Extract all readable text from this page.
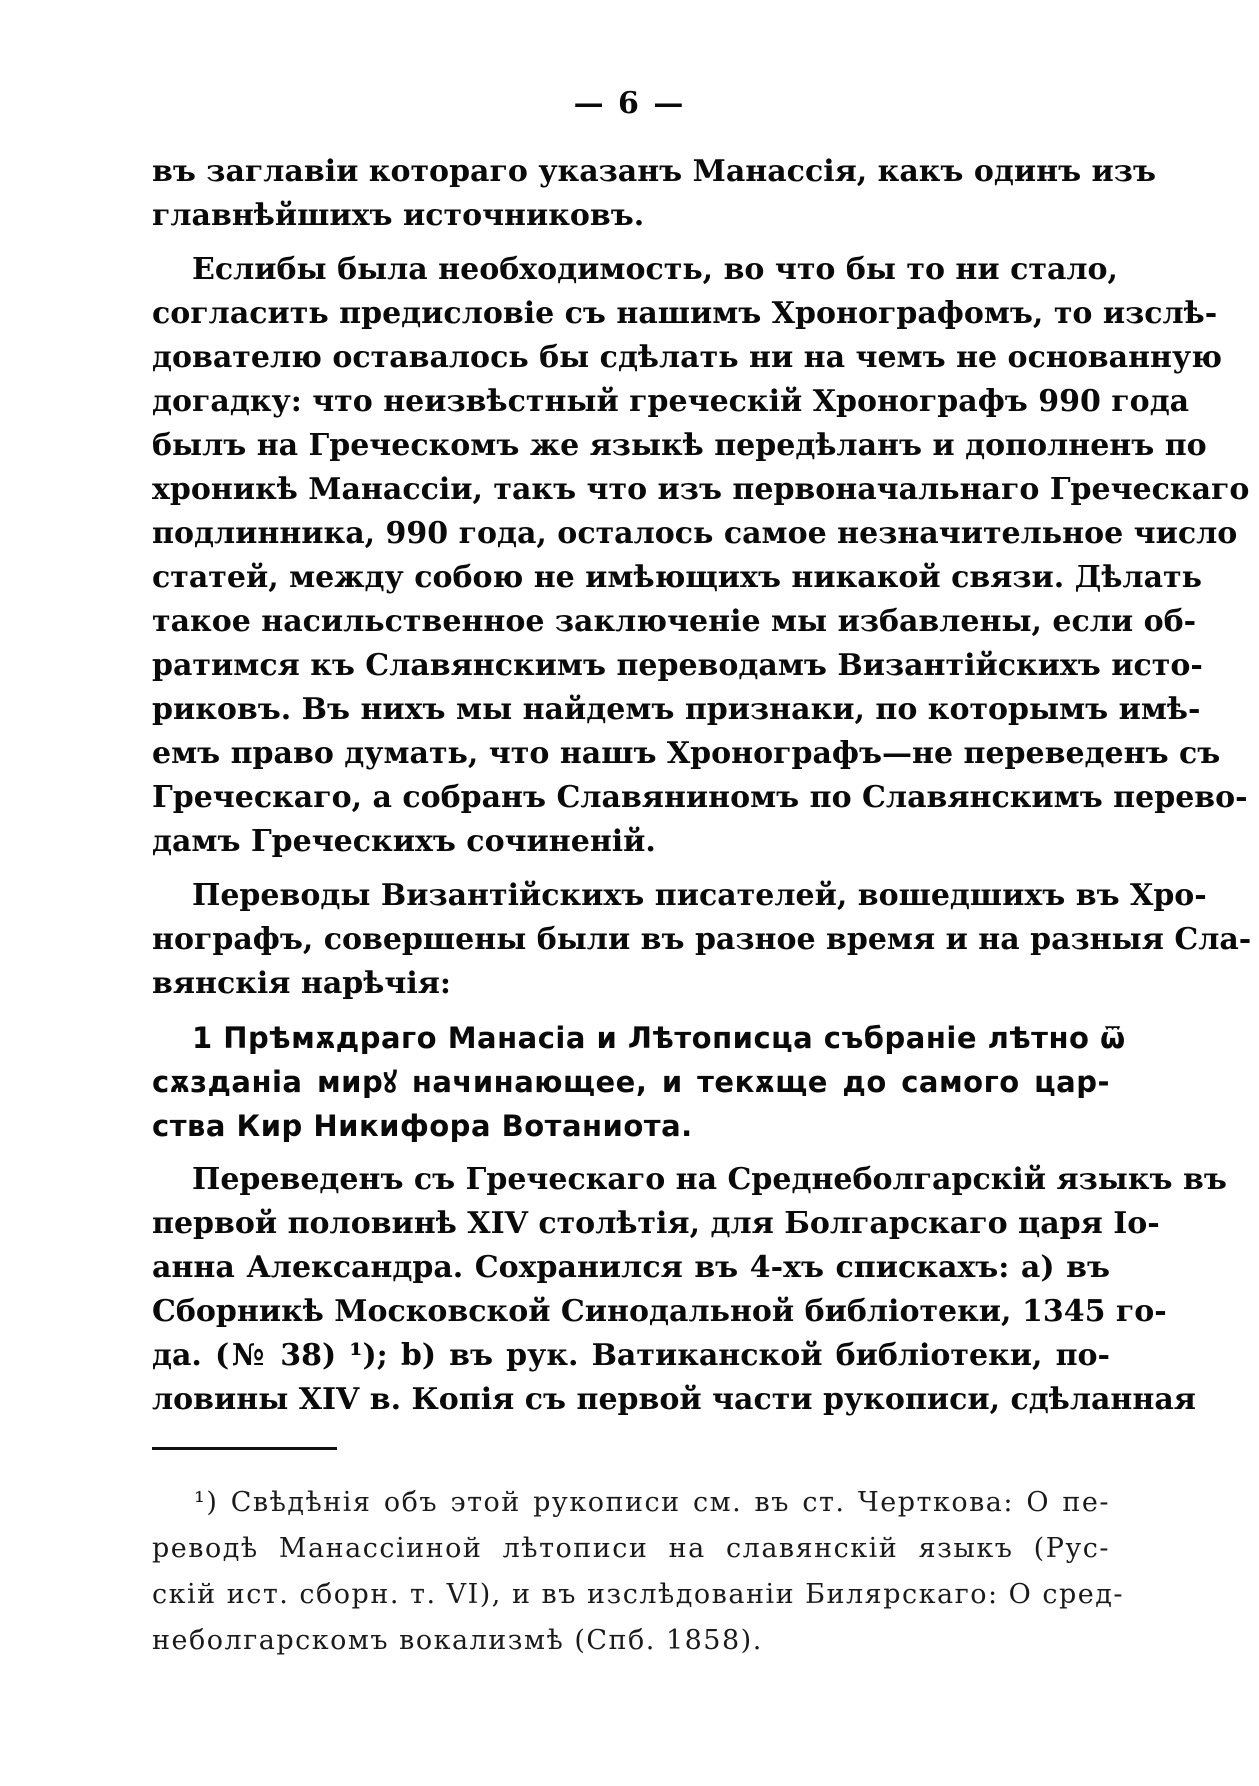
— 6 —
въ заглавіи котораго указанъ Манассія, какъ одинъ изъ
главнѣйшихъ источниковъ.
Еслибы была необходимость, во что бы то ни стало,
согласить предисловіе съ нашимъ Хронографомъ, то изслѣ-
дователю оставалось бы сдѣлать ни на чемъ не основанную
догадку: что неизвѣстный греческій Хронографъ 990 года
былъ на Греческомъ же языкѣ передѣланъ и дополненъ по
хроникѣ Манассіи, такъ что изъ первоначальнаго Греческаго
подлинника, 990 года, осталось самое незначительное число
статей, между собою не имѣющихъ никакой связи. Дѣлать
такое насильственное заключеніе мы избавлены, если об-
ратимся къ Славянскимъ переводамъ Византійскихъ исто-
риковъ. Въ нихъ мы найдемъ признаки, по которымъ имѣ-
емъ право думать, что нашъ Хронографъ—не переведенъ съ
Греческаго, а собранъ Славяниномъ по Славянскимъ перево-
дамъ Греческихъ сочиненій.
Переводы Византійскихъ писателей, вошедшихъ въ Хро-
нографъ, совершены были въ разное время и на разныя Сла-
вянскія нарѣчія:
1 Прѣмѫдраго Манасіа и Лѣтописца събраніе лѣтно ѿ
сѫзданіа мирꙋ начинающее, и текѫще до самого цар-
ства Кир Никифора Вотаниота.
Переведенъ съ Греческаго на Среднеболгарскій языкъ въ
первой половинѣ XIV столѣтія, для Болгарскаго царя Іо-
анна Александра. Сохранился въ 4-хъ спискахъ: а) въ
Сборникѣ Московской Синодальной библіотеки, 1345 го-
да. (№ 38) ¹); b) въ рук. Ватиканской библіотеки, по-
ловины XIV в. Копія съ первой части рукописи, сдѣланная
¹) Свѣдѣнія объ этой рукописи см. въ ст. Черткова: О пе-
реводѣ Манассіиной лѣтописи на славянскій языкъ (Рус-
скій ист. сборн. т. VI), и въ изслѣдованіи Билярскаго: О сред-
неболгарскомъ вокализмѣ (Спб. 1858).
